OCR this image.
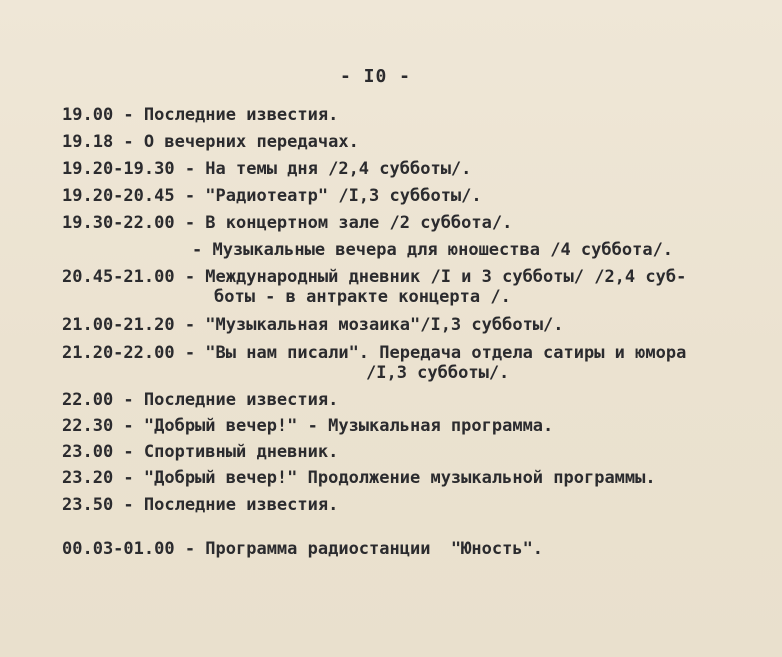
- I0 -
19.00 - Последние известия.
19.18 - О вечерних передачах.
19.20-19.30 - На темы дня /2,4 субботы/.
19.20-20.45 - "Радиотеатр" /I,3 субботы/.
19.30-22.00 - В концертном зале /2 суббота/.
- Музыкальные вечера для юношества /4 суббота/.
20.45-21.00 - Международный дневник /I и 3 субботы/ /2,4 суб-
боты - в антракте концерта /.
21.00-21.20 - "Музыкальная мозаика"/I,3 субботы/.
21.20-22.00 - "Вы нам писали". Передача отдела сатиры и юмора
/I,3 субботы/.
22.00 - Последние известия.
22.30 - "Добрый вечер!" - Музыкальная программа.
23.00 - Спортивный дневник.
23.20 - "Добрый вечер!" Продолжение музыкальной программы.
23.50 - Последние известия.
00.03-01.00 - Программа радиостанции  "Юность".
